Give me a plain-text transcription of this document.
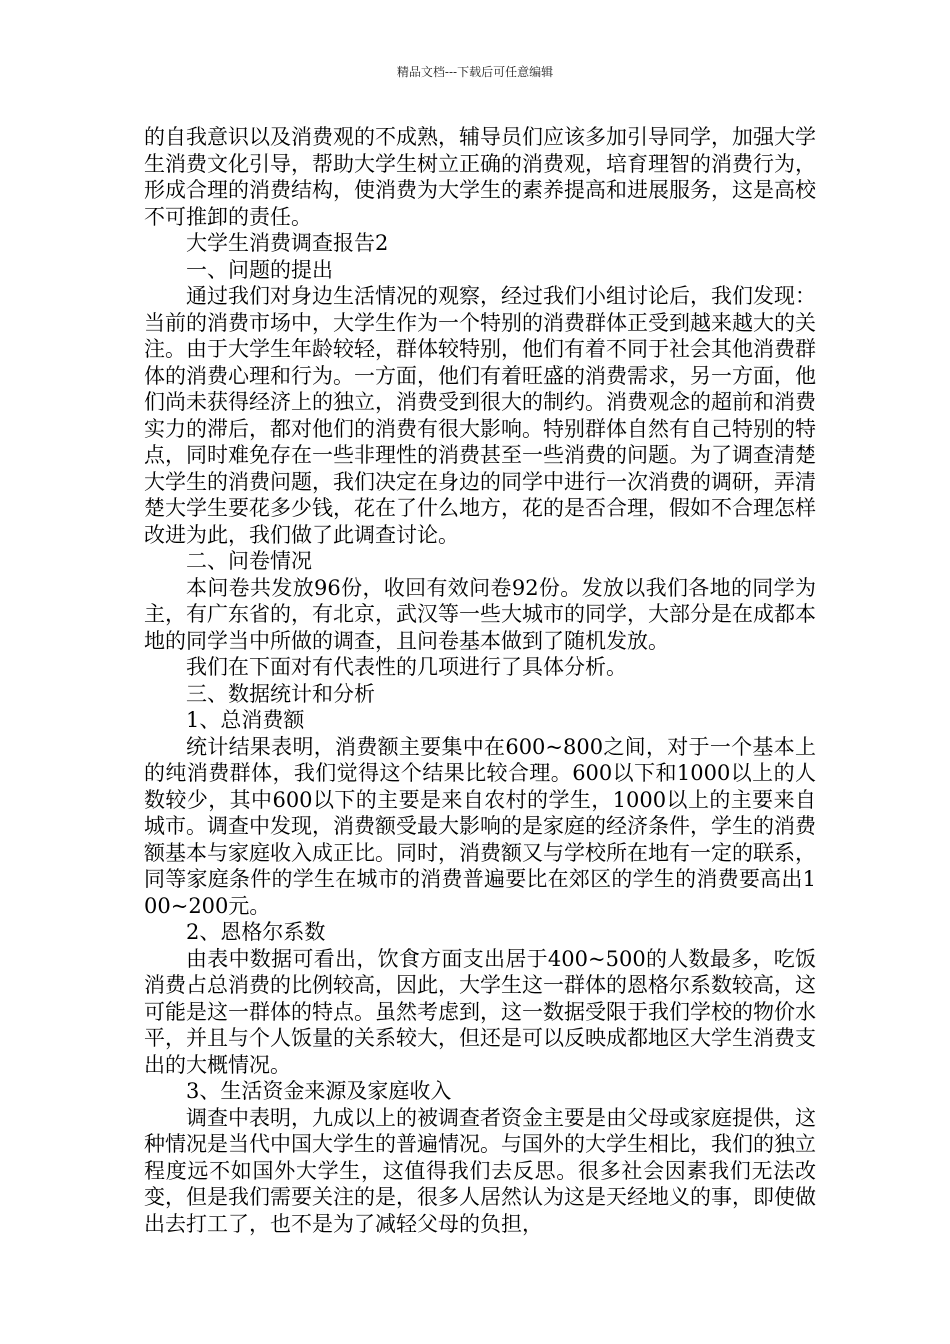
精品文档---下载后可任意编辑

的自我意识以及消费观的不成熟，辅导员们应该多加引导同学，加强大学生消费文化引导，帮助大学生树立正确的消费观，培育理智的消费行为，形成合理的消费结构，使消费为大学生的素养提高和进展服务，这是高校不可推卸的责任。

大学生消费调查报告2

一、问题的提出

通过我们对身边生活情况的观察，经过我们小组讨论后，我们发现：当前的消费市场中，大学生作为一个特别的消费群体正受到越来越大的关注。由于大学生年龄较轻，群体较特别，他们有着不同于社会其他消费群体的消费心理和行为。一方面，他们有着旺盛的消费需求，另一方面，他们尚未获得经济上的独立，消费受到很大的制约。消费观念的超前和消费实力的滞后，都对他们的消费有很大影响。特别群体自然有自己特别的特点，同时难免存在一些非理性的消费甚至一些消费的问题。为了调查清楚大学生的消费问题，我们决定在身边的同学中进行一次消费的调研，弄清楚大学生要花多少钱，花在了什么地方，花的是否合理，假如不合理怎样改进为此，我们做了此调查讨论。

二、问卷情况

本问卷共发放96份，收回有效问卷92份。发放以我们各地的同学为主，有广东省的，有北京，武汉等一些大城市的同学，大部分是在成都本地的同学当中所做的调查，且问卷基本做到了随机发放。

我们在下面对有代表性的几项进行了具体分析。

三、数据统计和分析

1、总消费额

统计结果表明，消费额主要集中在600~800之间，对于一个基本上的纯消费群体，我们觉得这个结果比较合理。600以下和1000以上的人数较少，其中600以下的主要是来自农村的学生，1000以上的主要来自城市。调查中发现，消费额受最大影响的是家庭的经济条件，学生的消费额基本与家庭收入成正比。同时，消费额又与学校所在地有一定的联系，同等家庭条件的学生在城市的消费普遍要比在郊区的学生的消费要高出100~200元。

2、恩格尔系数

由表中数据可看出，饮食方面支出居于400~500的人数最多，吃饭消费占总消费的比例较高，因此，大学生这一群体的恩格尔系数较高，这可能是这一群体的特点。虽然考虑到，这一数据受限于我们学校的物价水平，并且与个人饭量的关系较大，但还是可以反映成都地区大学生消费支出的大概情况。

3、生活资金来源及家庭收入

调查中表明，九成以上的被调查者资金主要是由父母或家庭提供，这种情况是当代中国大学生的普遍情况。与国外的大学生相比，我们的独立程度远不如国外大学生，这值得我们去反思。很多社会因素我们无法改变，但是我们需要关注的是，很多人居然认为这是天经地义的事，即使做出去打工了，也不是为了减轻父母的负担，
